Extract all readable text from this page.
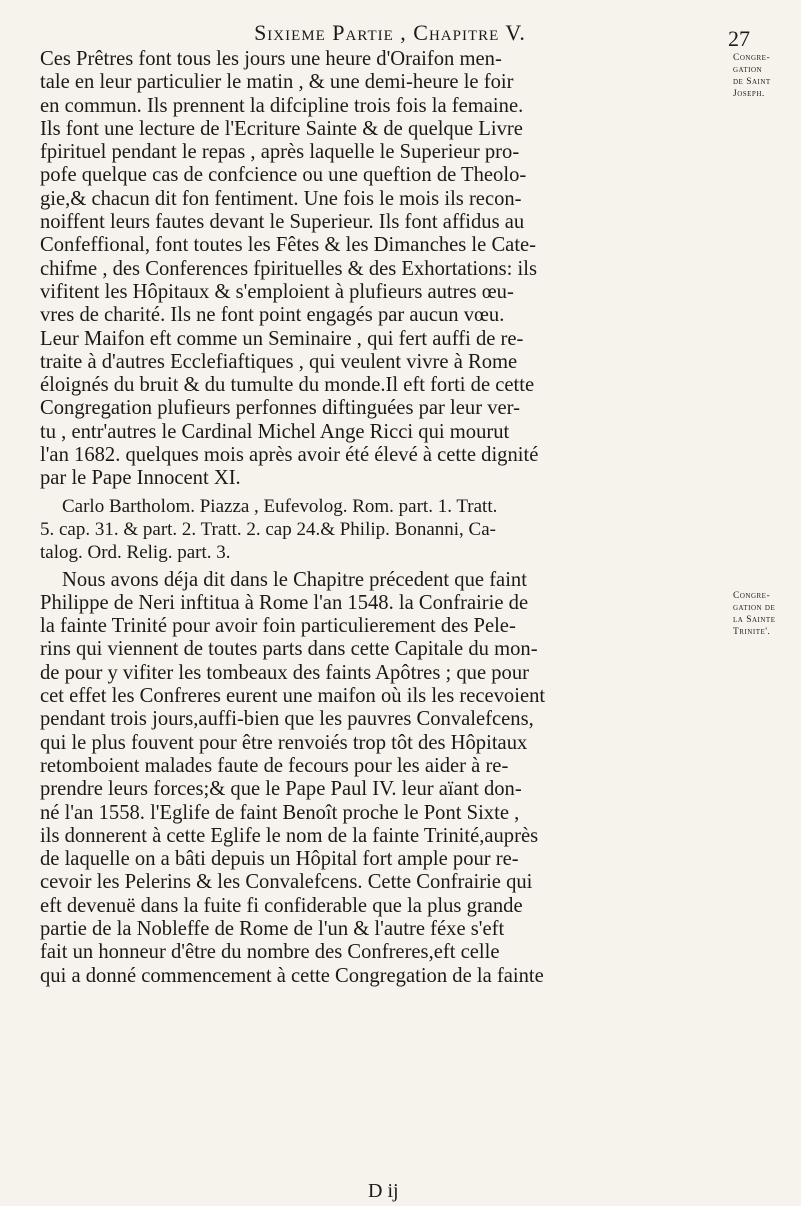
Sixieme Partie , Chapitre V.	27
Congre-
gation
de Saint
Joseph.
Congre-
gation de
la Sainte
Trinite'.
Ces Prêtres font tous les jours une heure d'Oraifon men-
tale en leur particulier le matin , & une demi-heure le foir
en commun. Ils prennent la difcipline trois fois la femaine.
Ils font une lecture de l'Ecriture Sainte & de quelque Livre
fpirituel pendant le repas , après laquelle le Superieur pro-
pofe quelque cas de confcience ou une queftion de Theolo-
gie,& chacun dit fon fentiment. Une fois le mois ils recon-
noiffent leurs fautes devant le Superieur. Ils font affidus au
Confeffional, font toutes les Fêtes & les Dimanches le Cate-
chifme , des Conferences fpirituelles & des Exhortations: ils
vifitent les Hôpitaux & s'emploient à plufieurs autres œu-
vres de charité. Ils ne font point engagés par aucun vœu.
Leur Maifon eft comme un Seminaire , qui fert auffi de re-
traite à d'autres Ecclefiaftiques , qui veulent vivre à Rome
éloignés du bruit & du tumulte du monde.Il eft forti de cette
Congregation plufieurs perfonnes diftinguées par leur ver-
tu , entr'autres le Cardinal Michel Ange Ricci qui mourut
l'an 1682. quelques mois après avoir été élevé à cette dignité
par le Pape Innocent XI.
Carlo Bartholom. Piazza , Eufevolog. Rom. part. 1. Tratt.
5. cap. 31. & part. 2. Tratt. 2. cap 24.& Philip. Bonanni, Ca-
talog. Ord. Relig. part. 3.
Nous avons déja dit dans le Chapitre précedent que faint
Philippe de Neri inftitua à Rome l'an 1548. la Confrairie de
la fainte Trinité pour avoir foin particulierement des Pele-
rins qui viennent de toutes parts dans cette Capitale du mon-
de pour y vifiter les tombeaux des faints Apôtres ; que pour
cet effet les Confreres eurent une maifon où ils les recevoient
pendant trois jours,auffi-bien que les pauvres Convalefcens,
qui le plus fouvent pour être renvoiés trop tôt des Hôpitaux
retomboient malades faute de fecours pour les aider à re-
prendre leurs forces;& que le Pape Paul IV. leur aïant don-
né l'an 1558. l'Eglife de faint Benoît proche le Pont Sixte ,
ils donnerent à cette Eglife le nom de la fainte Trinité,auprès
de laquelle on a bâti depuis un Hôpital fort ample pour re-
cevoir les Pelerins & les Convalefcens. Cette Confrairie qui
eft devenuë dans la fuite fi confiderable que la plus grande
partie de la Nobleffe de Rome de l'un & l'autre féxe s'eft
fait un honneur d'être du nombre des Confreres,eft celle
qui a donné commencement à cette Congregation de la fainte
D ij
